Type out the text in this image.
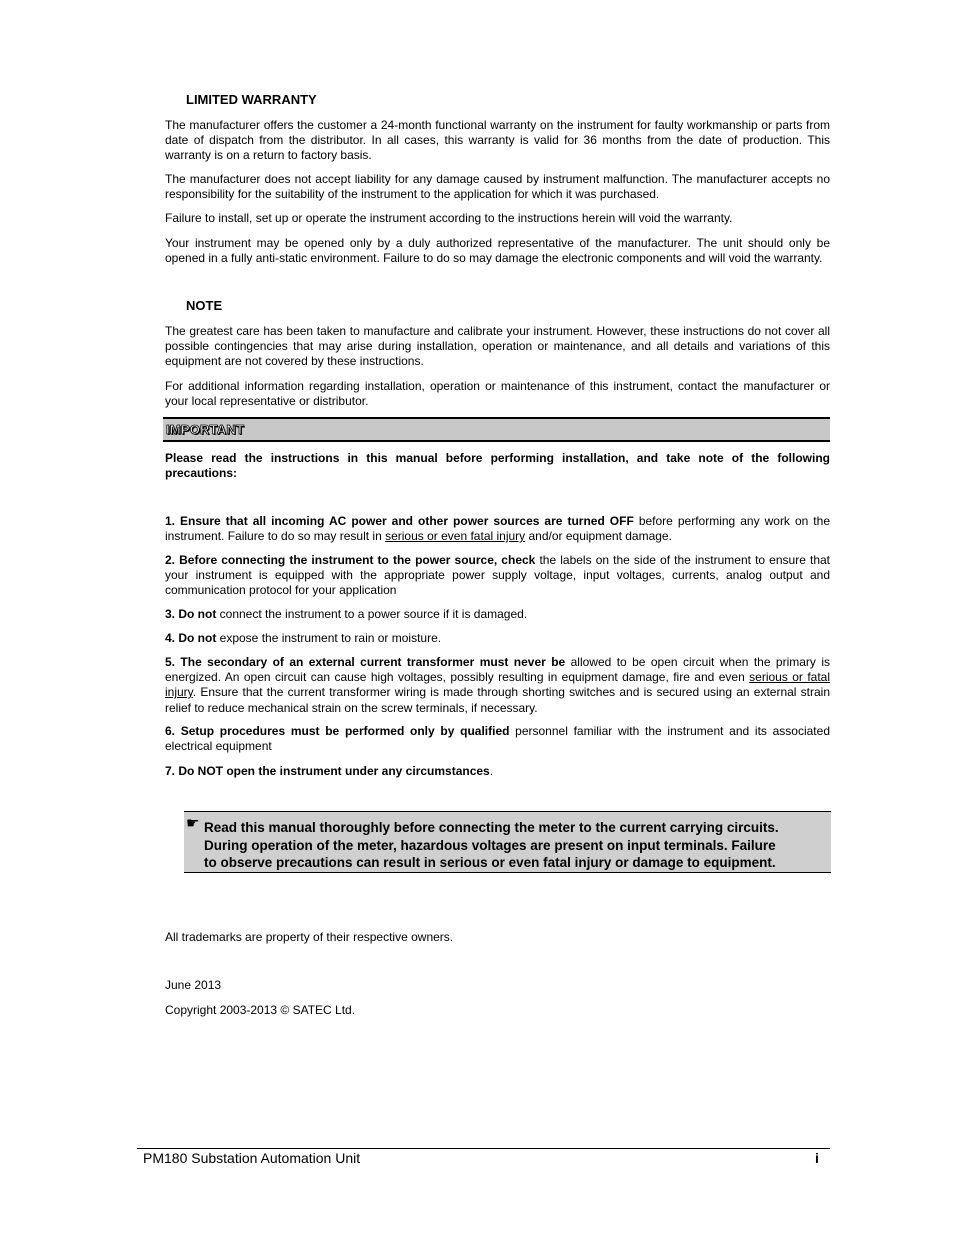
LIMITED WARRANTY

The manufacturer offers the customer a 24-month functional warranty on the instrument for faulty workmanship or parts from date of dispatch from the distributor. In all cases, this warranty is valid for 36 months from the date of production. This warranty is on a return to factory basis.

The manufacturer does not accept liability for any damage caused by instrument malfunction. The manufacturer accepts no responsibility for the suitability of the instrument to the application for which it was purchased.

Failure to install, set up or operate the instrument according to the instructions herein will void the warranty.

Your instrument may be opened only by a duly authorized representative of the manufacturer. The unit should only be opened in a fully anti-static environment. Failure to do so may damage the electronic components and will void the warranty.

NOTE

The greatest care has been taken to manufacture and calibrate your instrument. However, these instructions do not cover all possible contingencies that may arise during installation, operation or maintenance, and all details and variations of this equipment are not covered by these instructions.

For additional information regarding installation, operation or maintenance of this instrument, contact the manufacturer or your local representative or distributor.

IMPORTANT

Please read the instructions in this manual before performing installation, and take note of the following precautions:

1. Ensure that all incoming AC power and other power sources are turned OFF before performing any work on the instrument. Failure to do so may result in serious or even fatal injury and/or equipment damage.

2. Before connecting the instrument to the power source, check the labels on the side of the instrument to ensure that your instrument is equipped with the appropriate power supply voltage, input voltages, currents, analog output and communication protocol for your application

3. Do not connect the instrument to a power source if it is damaged.

4. Do not expose the instrument to rain or moisture.

5. The secondary of an external current transformer must never be allowed to be open circuit when the primary is energized. An open circuit can cause high voltages, possibly resulting in equipment damage, fire and even serious or fatal injury. Ensure that the current transformer wiring is made through shorting switches and is secured using an external strain relief to reduce mechanical strain on the screw terminals, if necessary.

6. Setup procedures must be performed only by qualified personnel familiar with the instrument and its associated electrical equipment

7. Do NOT open the instrument under any circumstances.

☛ Read this manual thoroughly before connecting the meter to the current carrying circuits.
During operation of the meter, hazardous voltages are present on input terminals. Failure
to observe precautions can result in serious or even fatal injury or damage to equipment.

All trademarks are property of their respective owners.

June 2013

Copyright 2003-2013 © SATEC Ltd.

PM180 Substation Automation Unit	i
